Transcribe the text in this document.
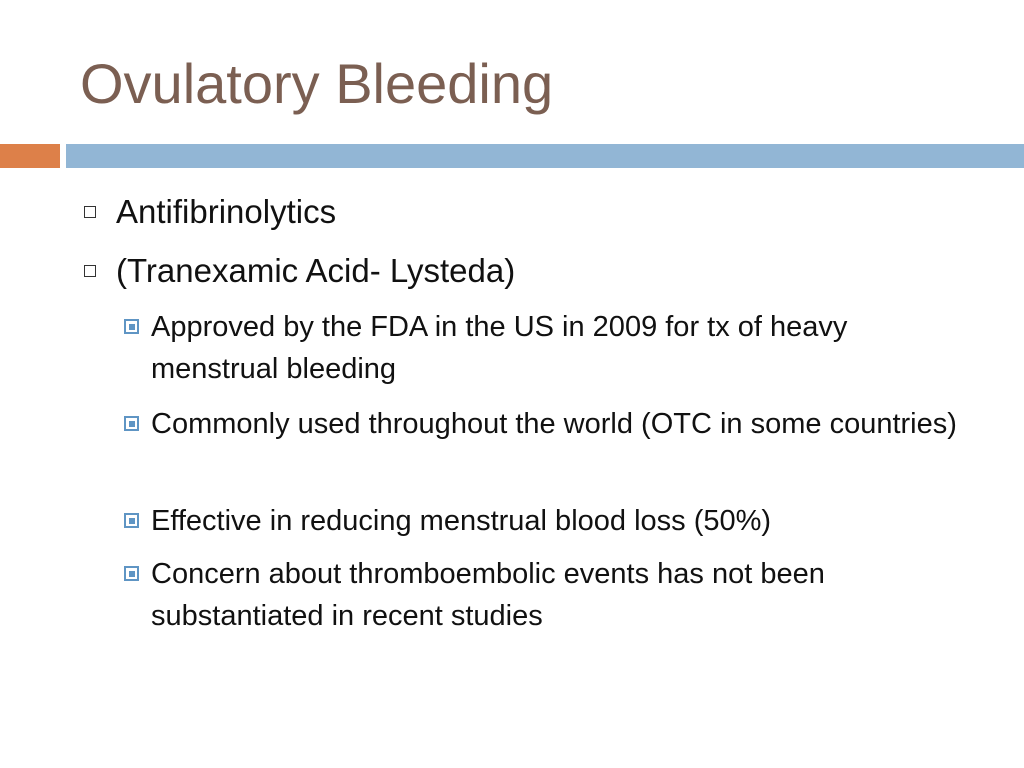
Ovulatory Bleeding
Antifibrinolytics
(Tranexamic Acid- Lysteda)
Approved by the FDA in the US in 2009 for tx of heavy menstrual bleeding
Commonly used throughout the world (OTC in some countries)
Effective in reducing menstrual blood loss (50%)
Concern about thromboembolic events has not been substantiated in recent studies
